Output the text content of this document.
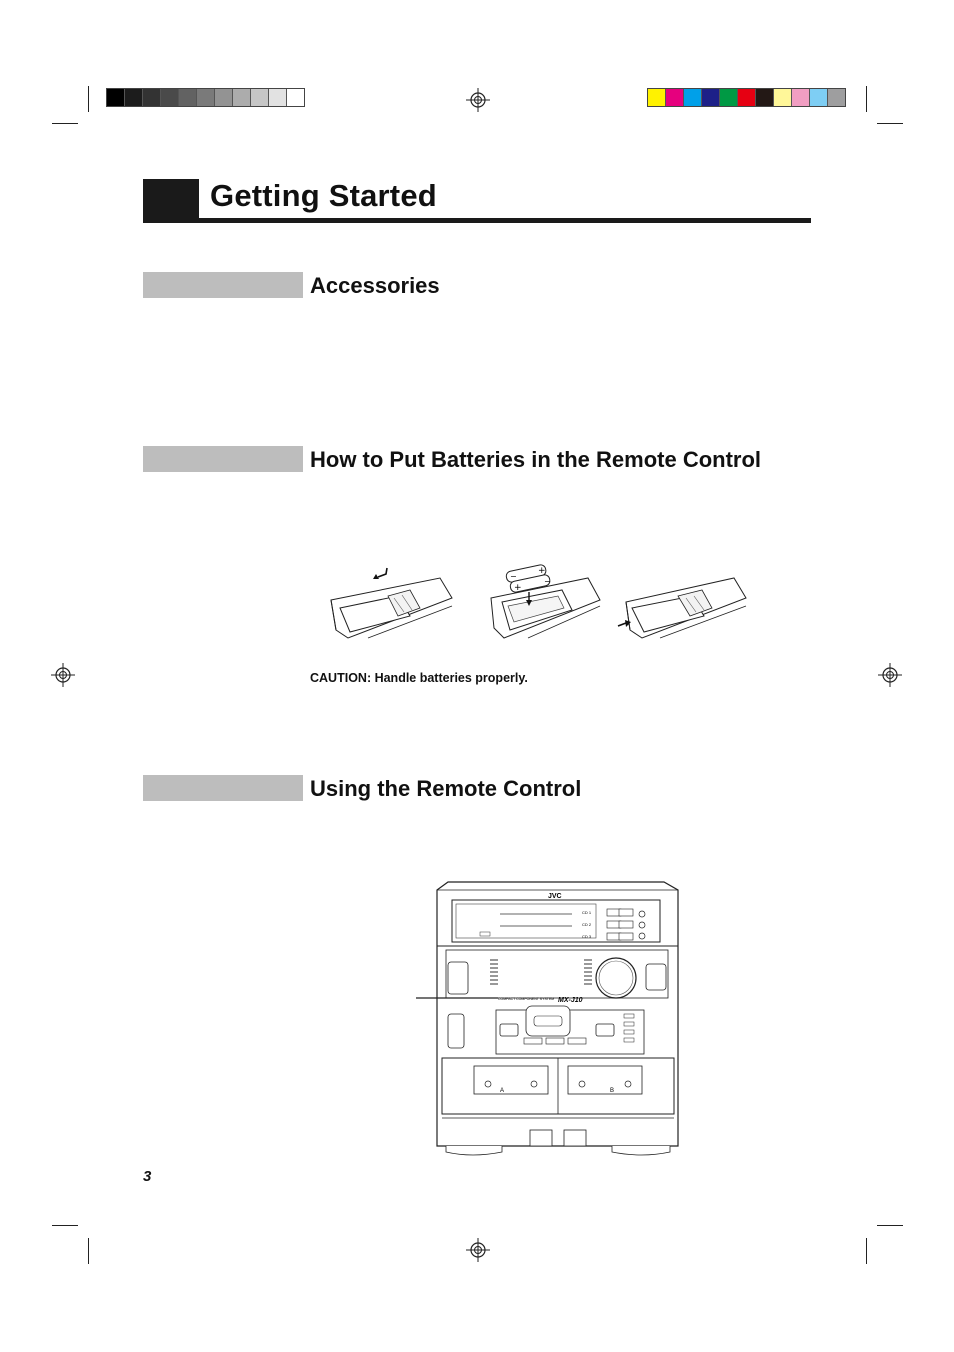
Getting Started
Accessories
How to Put Batteries in the Remote Control
+
+
−
−
CAUTION: Handle batteries properly.
Using the Remote Control
JVC
CD 1
CD 2
CD 3
COMPACT COMPONENT SYSTEM MX-J10
A	B
3
